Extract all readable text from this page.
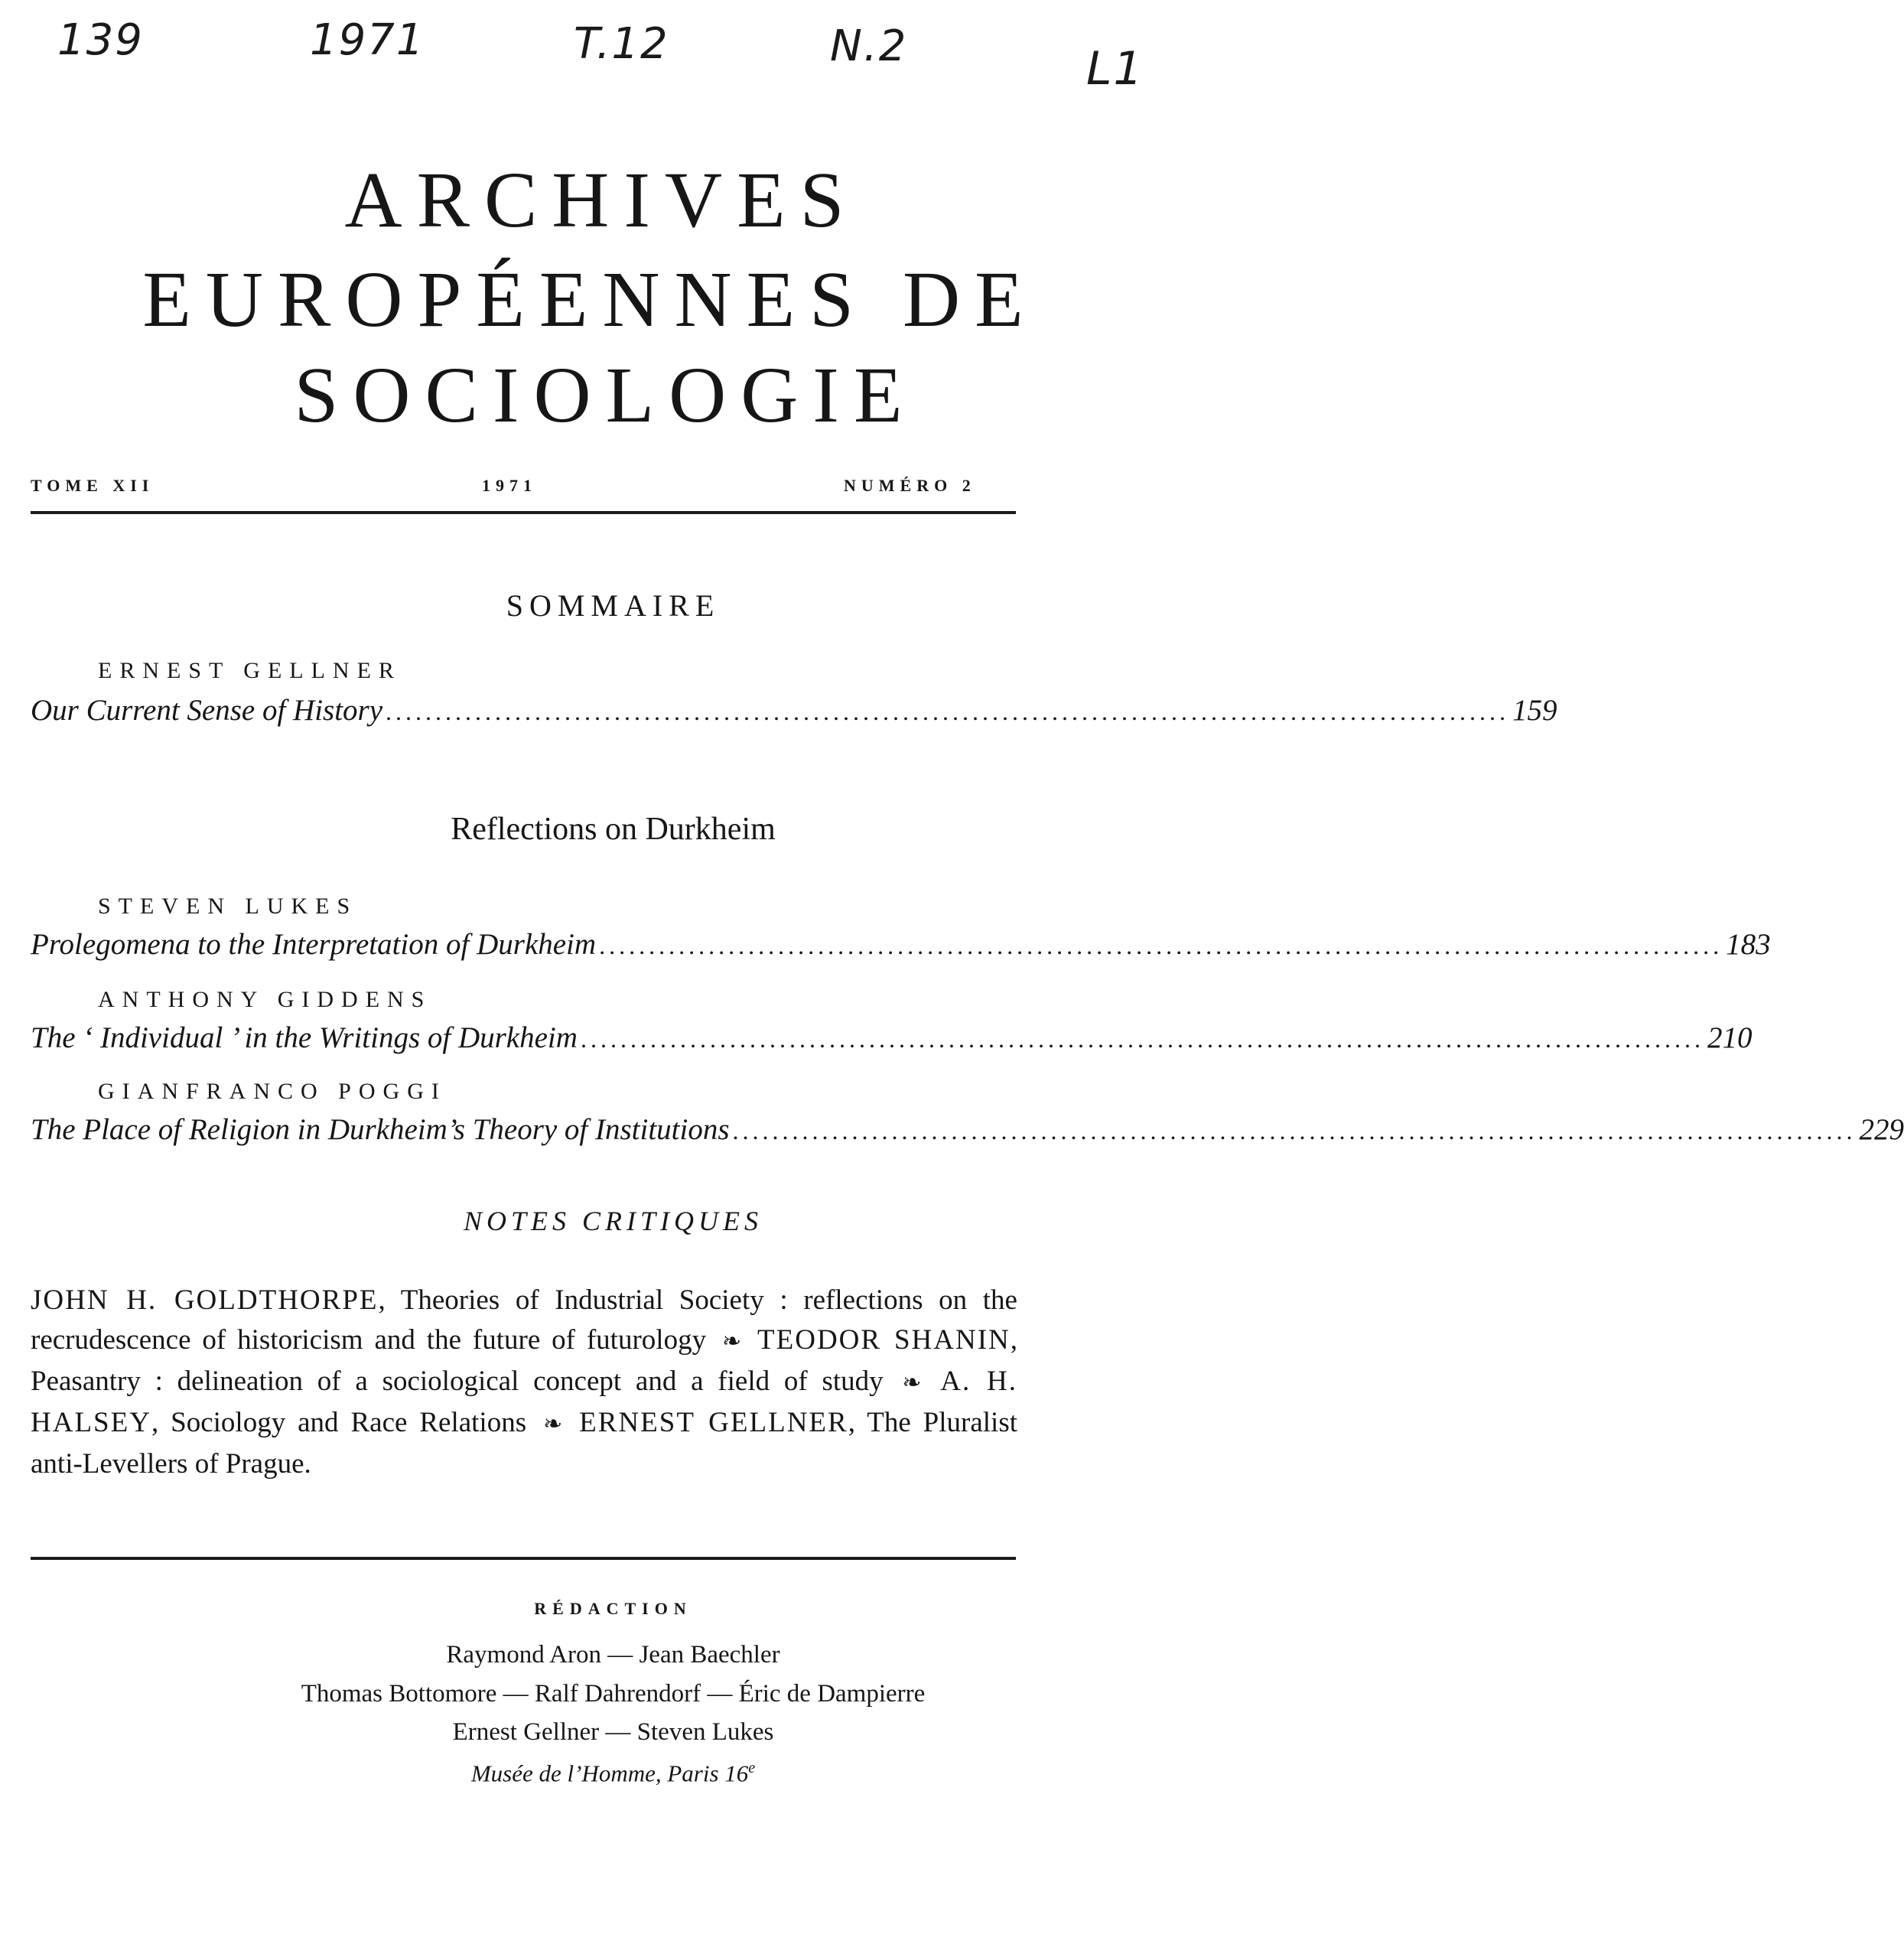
139	1971	T.12	N.2	L1
ARCHIVES
EUROPÉENNES DE
SOCIOLOGIE
TOME XII	1971	NUMÉRO 2
SOMMAIRE
ERNEST GELLNER
Our Current Sense of History ................................................................................................................. 159
Reflections on Durkheim
STEVEN LUKES
Prolegomena to the Interpretation of Durkheim ................................................................................................................. 183
ANTHONY GIDDENS
The ‘ Individual ’ in the Writings of Durkheim ................................................................................................................. 210
GIANFRANCO POGGI
The Place of Religion in Durkheim’s Theory of Institutions ................................................................................................................. 229
NOTES CRITIQUES
JOHN H. GOLDTHORPE, Theories of Industrial Society : reflections on the recrudescence of historicism and the future of futurology ❧ TEODOR SHANIN, Peasantry : delineation of a sociological concept and a field of study ❧ A. H. HALSEY, Sociology and Race Relations ❧ ERNEST GELLNER, The Pluralist anti-Levellers of Prague.
RÉDACTION
Raymond Aron — Jean Baechler
Thomas Bottomore — Ralf Dahrendorf — Éric de Dampierre
Ernest Gellner — Steven Lukes
Musée de l’Homme, Paris 16e
